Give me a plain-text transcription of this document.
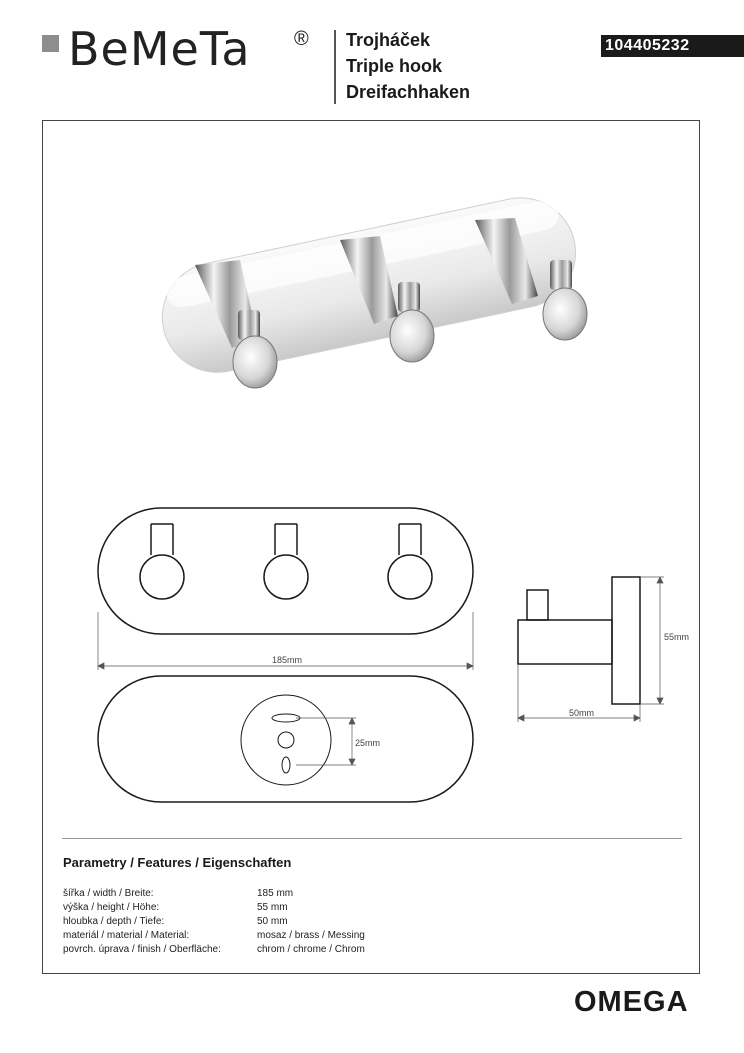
BeMeTa ® Trojháček
Triple hook
Dreifachhaken
104405232
185mm
25mm
55mm
50mm
Parametry / Features / Eigenschaften
šířka / width / Breite:	185 mm
výška / height / Höhe:	55 mm
hloubka / depth / Tiefe:	50 mm
materiál / material / Material:	mosaz / brass / Messing
povrch. úprava / finish / Oberfläche:	chrom / chrome / Chrom
OMEGA
